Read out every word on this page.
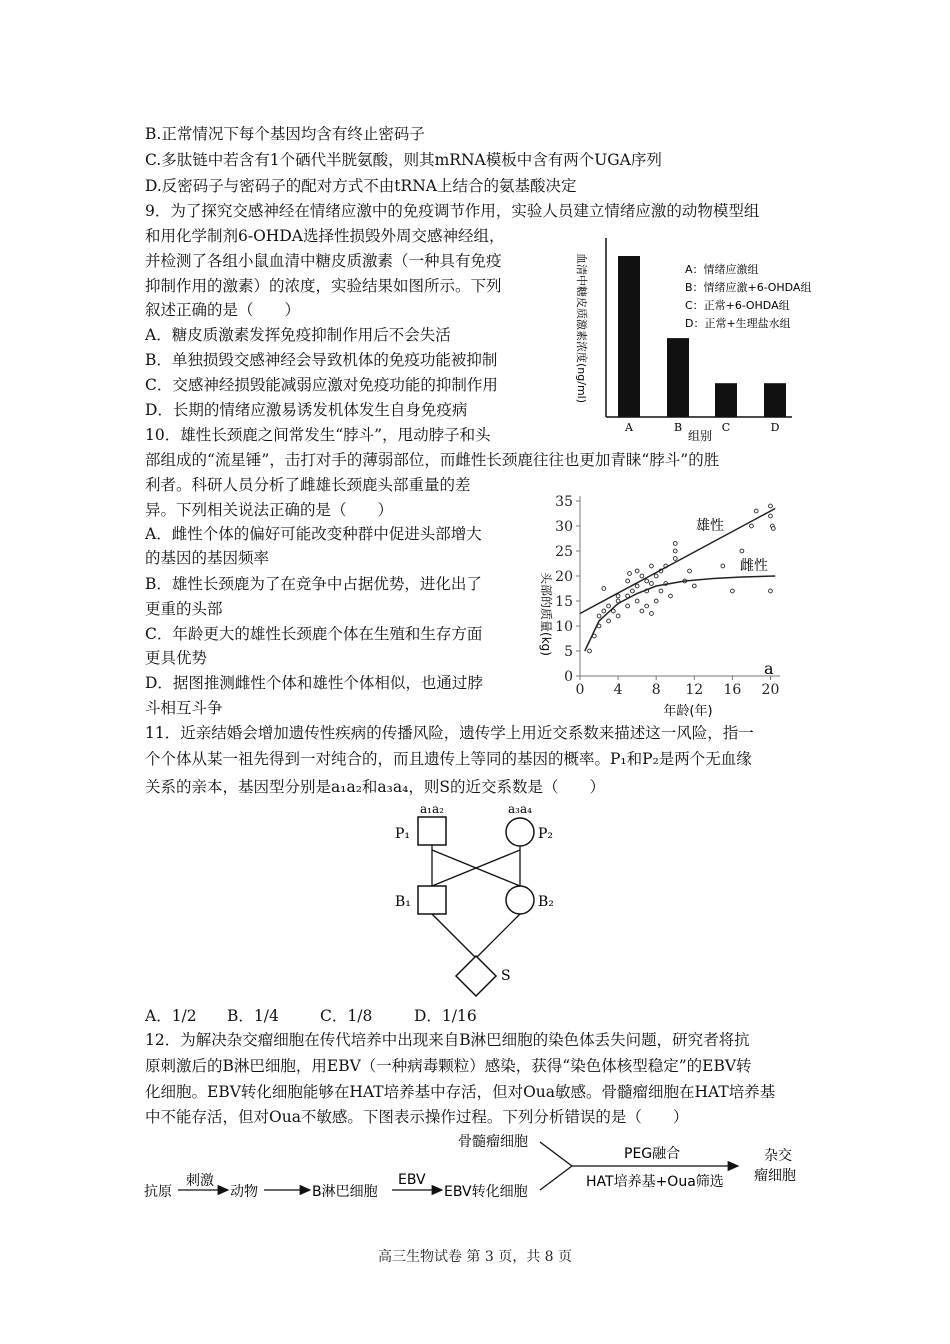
B.正常情况下每个基因均含有终止密码子
C.多肽链中若含有1个硒代半胱氨酸，则其mRNA模板中含有两个UGA序列
D.反密码子与密码子的配对方式不由tRNA上结合的氨基酸决定
9．为了探究交感神经在情绪应激中的免疫调节作用，实验人员建立情绪应激的动物模型组
和用化学制剂6-OHDA选择性损毁外周交感神经组，
并检测了各组小鼠血清中糖皮质激素（一种具有免疫
抑制作用的激素）的浓度，实验结果如图所示。下列
叙述正确的是（　　）
A．糖皮质激素发挥免疫抑制作用后不会失活
B．单独损毁交感神经会导致机体的免疫功能被抑制
C．交感神经损毁能减弱应激对免疫功能的抑制作用
D．长期的情绪应激易诱发机体发生自身免疫病
A	B	C	D
血清中糖皮质激素浓度(ng/ml)
组别
A：情绪应激组
B：情绪应激+6-OHDA组
C：正常+6-OHDA组
D：正常+生理盐水组
10．雄性长颈鹿之间常发生“脖斗”，甩动脖子和头
部组成的“流星锤”，击打对手的薄弱部位，而雌性长颈鹿往往也更加青睐“脖斗”的胜
利者。科研人员分析了雌雄长颈鹿头部重量的差
异。下列相关说法正确的是（　　）
A．雌性个体的偏好可能改变种群中促进头部增大
的基因的基因频率
B．雄性长颈鹿为了在竞争中占据优势，进化出了
更重的头部
C．年龄更大的雄性长颈鹿个体在生殖和生存方面
更具优势
D．据图推测雌性个体和雄性个体相似，也通过脖
斗相互斗争
0
5
10
15
20
25
30
35
0 4 8 12 16 20
雄性
雌性
a
头部的质量(kg)
年龄(年)
11．近亲结婚会增加遗传性疾病的传播风险，遗传学上用近交系数来描述这一风险，指一
个个体从某一祖先得到一对纯合的，而且遗传上等同的基因的概率。P₁和P₂是两个无血缘
关系的亲本，基因型分别是a₁a₂和a₃a₄，则S的近交系数是（　　）
a₁a₂	a₃a₄
P₁	P₂
B₁	B₂
S
A．1/2 B．1/4	C．1/8	D．1/16
12．为解决杂交瘤细胞在传代培养中出现来自B淋巴细胞的染色体丢失问题，研究者将抗
原刺激后的B淋巴细胞，用EBV（一种病毒颗粒）感染，获得“染色体核型稳定”的EBV转
化细胞。EBV转化细胞能够在HAT培养基中存活，但对Oua敏感。骨髓瘤细胞在HAT培养基
中不能存活，但对Oua不敏感。下图表示操作过程。下列分析错误的是（　　）
抗原
刺激
动物	B淋巴细胞
EBV
EBV转化细胞
骨髓瘤细胞
PEG融合
HAT培养基+Oua筛选
杂交
瘤细胞
高三生物试卷 第 3 页，共 8 页
